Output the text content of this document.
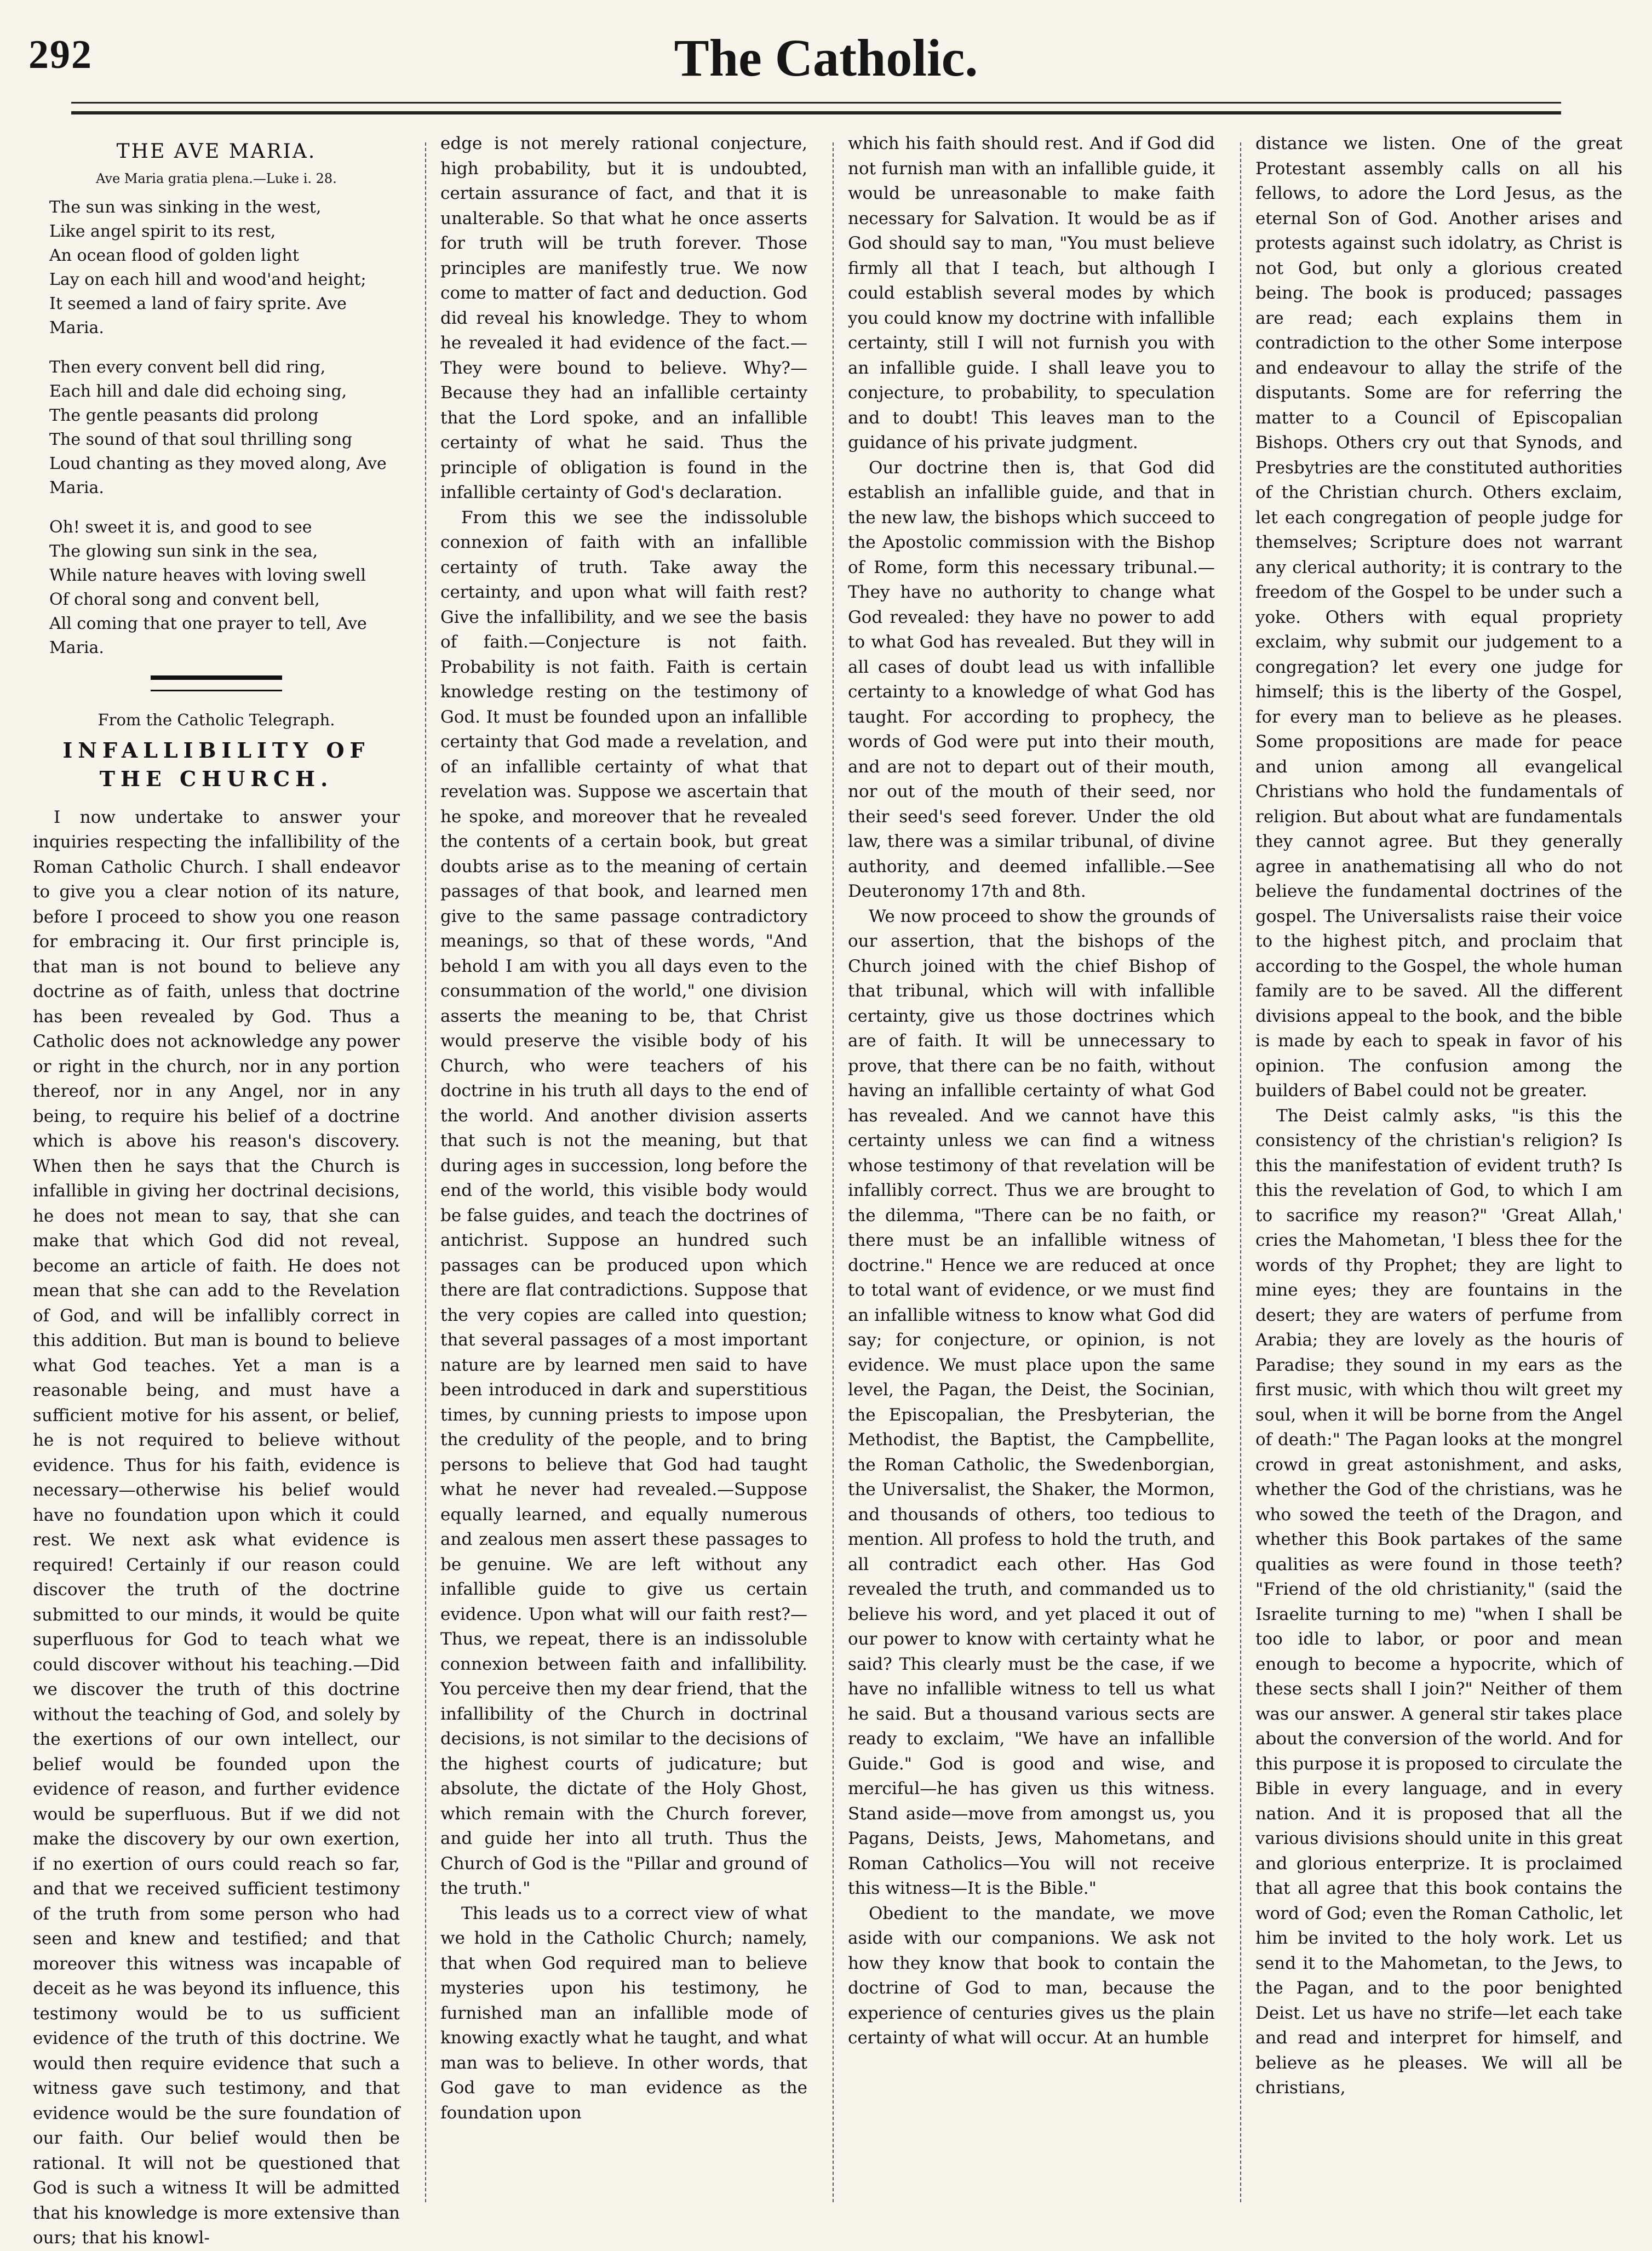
292	The Catholic.
THE AVE MARIA.
Ave Maria gratia plena.—Luke i. 28.
The sun was sinking in the west,
Like angel spirit to its rest,
An ocean flood of golden light
Lay on each hill and wood'and height;
It seemed a land of fairy sprite. Ave Maria.
Then every convent bell did ring,
Each hill and dale did echoing sing,
The gentle peasants did prolong
The sound of that soul thrilling song
Loud chanting as they moved along, Ave Maria.
Oh! sweet it is, and good to see
The glowing sun sink in the sea,
While nature heaves with loving swell
Of choral song and convent bell,
All coming that one prayer to tell, Ave Maria.
From the Catholic Telegraph.
INFALLIBILITY OF THE CHURCH.

I now undertake to answer your inquiries respecting the infallibility of the Roman Catholic Church. I shall endeavor to give you a clear notion of its nature, before I proceed to show you one reason for embracing it. Our first principle is, that man is not bound to believe any doctrine as of faith, unless that doctrine has been revealed by God. Thus a Catholic does not acknowledge any power or right in the church, nor in any portion thereof, nor in any Angel, nor in any being, to require his belief of a doctrine which is above his reason's discovery. When then he says that the Church is infallible in giving her doctrinal decisions, he does not mean to say, that she can make that which God did not reveal, become an article of faith. He does not mean that she can add to the Revelation of God, and will be infallibly correct in this addition. But man is bound to believe what God teaches. Yet a man is a reasonable being, and must have a sufficient motive for his assent, or belief, he is not required to believe without evidence. Thus for his faith, evidence is necessary—otherwise his belief would have no foundation upon which it could rest. We next ask what evidence is required! Certainly if our reason could discover the truth of the doctrine submitted to our minds, it would be quite superfluous for God to teach what we could discover without his teaching.—Did we discover the truth of this doctrine without the teaching of God, and solely by the exertions of our own intellect, our belief would be founded upon the evidence of reason, and further evidence would be superfluous. But if we did not make the discovery by our own exertion, if no exertion of ours could reach so far, and that we received sufficient testimony of the truth from some person who had seen and knew and testified; and that moreover this witness was incapable of deceit as he was beyond its influence, this testimony would be to us sufficient evidence of the truth of this doctrine. We would then require evidence that such a witness gave such testimony, and that evidence would be the sure foundation of our faith. Our belief would then be rational. It will not be questioned that God is such a witness It will be admitted that his knowledge is more extensive than ours; that his knowl-

edge is not merely rational conjecture, high probability, but it is undoubted, certain assurance of fact, and that it is unalterable. So that what he once asserts for truth will be truth forever. Those principles are manifestly true. We now come to matter of fact and deduction. God did reveal his knowledge. They to whom he revealed it had evidence of the fact.—They were bound to believe. Why?—Because they had an infallible certainty that the Lord spoke, and an infallible certainty of what he said. Thus the principle of obligation is found in the infallible certainty of God's declaration.

From this we see the indissoluble connexion of faith with an infallible certainty of truth. Take away the certainty, and upon what will faith rest? Give the infallibility, and we see the basis of faith.—Conjecture is not faith. Probability is not faith. Faith is certain knowledge resting on the testimony of God. It must be founded upon an infallible certainty that God made a revelation, and of an infallible certainty of what that revelation was. Suppose we ascertain that he spoke, and moreover that he revealed the contents of a certain book, but great doubts arise as to the meaning of certain passages of that book, and learned men give to the same passage contradictory meanings, so that of these words, "And behold I am with you all days even to the consummation of the world," one division asserts the meaning to be, that Christ would preserve the visible body of his Church, who were teachers of his doctrine in his truth all days to the end of the world. And another division asserts that such is not the meaning, but that during ages in succession, long before the end of the world, this visible body would be false guides, and teach the doctrines of antichrist. Suppose an hundred such passages can be produced upon which there are flat contradictions. Suppose that the very copies are called into question; that several passages of a most important nature are by learned men said to have been introduced in dark and superstitious times, by cunning priests to impose upon the credulity of the people, and to bring persons to believe that God had taught what he never had revealed.—Suppose equally learned, and equally numerous and zealous men assert these passages to be genuine. We are left without any infallible guide to give us certain evidence. Upon what will our faith rest?—Thus, we repeat, there is an indissoluble connexion between faith and infallibility. You perceive then my dear friend, that the infallibility of the Church in doctrinal decisions, is not similar to the decisions of the highest courts of judicature; but absolute, the dictate of the Holy Ghost, which remain with the Church forever, and guide her into all truth. Thus the Church of God is the "Pillar and ground of the truth."

This leads us to a correct view of what we hold in the Catholic Church; namely, that when God required man to believe mysteries upon his testimony, he furnished man an infallible mode of knowing exactly what he taught, and what man was to believe. In other words, that God gave to man evidence as the foundation upon

which his faith should rest. And if God did not furnish man with an infallible guide, it would be unreasonable to make faith necessary for Salvation. It would be as if God should say to man, "You must believe firmly all that I teach, but although I could establish several modes by which you could know my doctrine with infallible certainty, still I will not furnish you with an infallible guide. I shall leave you to conjecture, to probability, to speculation and to doubt! This leaves man to the guidance of his private judgment.

Our doctrine then is, that God did establish an infallible guide, and that in the new law, the bishops which succeed to the Apostolic commission with the Bishop of Rome, form this necessary tribunal.—They have no authority to change what God revealed: they have no power to add to what God has revealed. But they will in all cases of doubt lead us with infallible certainty to a knowledge of what God has taught. For according to prophecy, the words of God were put into their mouth, and are not to depart out of their mouth, nor out of the mouth of their seed, nor their seed's seed forever. Under the old law, there was a similar tribunal, of divine authority, and deemed infallible.—See Deuteronomy 17th and 8th.

We now proceed to show the grounds of our assertion, that the bishops of the Church joined with the chief Bishop of that tribunal, which will with infallible certainty, give us those doctrines which are of faith. It will be unnecessary to prove, that there can be no faith, without having an infallible certainty of what God has revealed. And we cannot have this certainty unless we can find a witness whose testimony of that revelation will be infallibly correct. Thus we are brought to the dilemma, "There can be no faith, or there must be an infallible witness of doctrine." Hence we are reduced at once to total want of evidence, or we must find an infallible witness to know what God did say; for conjecture, or opinion, is not evidence. We must place upon the same level, the Pagan, the Deist, the Socinian, the Episcopalian, the Presbyterian, the Methodist, the Baptist, the Campbellite, the Roman Catholic, the Swedenborgian, the Universalist, the Shaker, the Mormon, and thousands of others, too tedious to mention. All profess to hold the truth, and all contradict each other. Has God revealed the truth, and commanded us to believe his word, and yet placed it out of our power to know with certainty what he said? This clearly must be the case, if we have no infallible witness to tell us what he said. But a thousand various sects are ready to exclaim, "We have an infallible Guide." God is good and wise, and merciful—he has given us this witness. Stand aside—move from amongst us, you Pagans, Deists, Jews, Mahometans, and Roman Catholics—You will not receive this witness—It is the Bible."

Obedient to the mandate, we move aside with our companions. We ask not how they know that book to contain the doctrine of God to man, because the experience of centuries gives us the plain certainty of what will occur. At an humble

distance we listen. One of the great Protestant assembly calls on all his fellows, to adore the Lord Jesus, as the eternal Son of God. Another arises and protests against such idolatry, as Christ is not God, but only a glorious created being. The book is produced; passages are read; each explains them in contradiction to the other Some interpose and endeavour to allay the strife of the disputants. Some are for referring the matter to a Council of Episcopalian Bishops. Others cry out that Synods, and Presbytries are the constituted authorities of the Christian church. Others exclaim, let each congregation of people judge for themselves; Scripture does not warrant any clerical authority; it is contrary to the freedom of the Gospel to be under such a yoke. Others with equal propriety exclaim, why submit our judgement to a congregation? let every one judge for himself; this is the liberty of the Gospel, for every man to believe as he pleases. Some propositions are made for peace and union among all evangelical Christians who hold the fundamentals of religion. But about what are fundamentals they cannot agree. But they generally agree in anathematising all who do not believe the fundamental doctrines of the gospel. The Universalists raise their voice to the highest pitch, and proclaim that according to the Gospel, the whole human family are to be saved. All the different divisions appeal to the book, and the bible is made by each to speak in favor of his opinion. The confusion among the builders of Babel could not be greater.

The Deist calmly asks, "is this the consistency of the christian's religion? Is this the manifestation of evident truth? Is this the revelation of God, to which I am to sacrifice my reason?" 'Great Allah,' cries the Mahometan, 'I bless thee for the words of thy Prophet; they are light to mine eyes; they are fountains in the desert; they are waters of perfume from Arabia; they are lovely as the houris of Paradise; they sound in my ears as the first music, with which thou wilt greet my soul, when it will be borne from the Angel of death:" The Pagan looks at the mongrel crowd in great astonishment, and asks, whether the God of the christians, was he who sowed the teeth of the Dragon, and whether this Book partakes of the same qualities as were found in those teeth? "Friend of the old christianity," (said the Israelite turning to me) "when I shall be too idle to labor, or poor and mean enough to become a hypocrite, which of these sects shall I join?" Neither of them was our answer. A general stir takes place about the conversion of the world. And for this purpose it is proposed to circulate the Bible in every language, and in every nation. And it is proposed that all the various divisions should unite in this great and glorious enterprize. It is proclaimed that all agree that this book contains the word of God; even the Roman Catholic, let him be invited to the holy work. Let us send it to the Mahometan, to the Jews, to the Pagan, and to the poor benighted Deist. Let us have no strife—let each take and read and interpret for himself, and believe as he pleases. We will all be christians,
